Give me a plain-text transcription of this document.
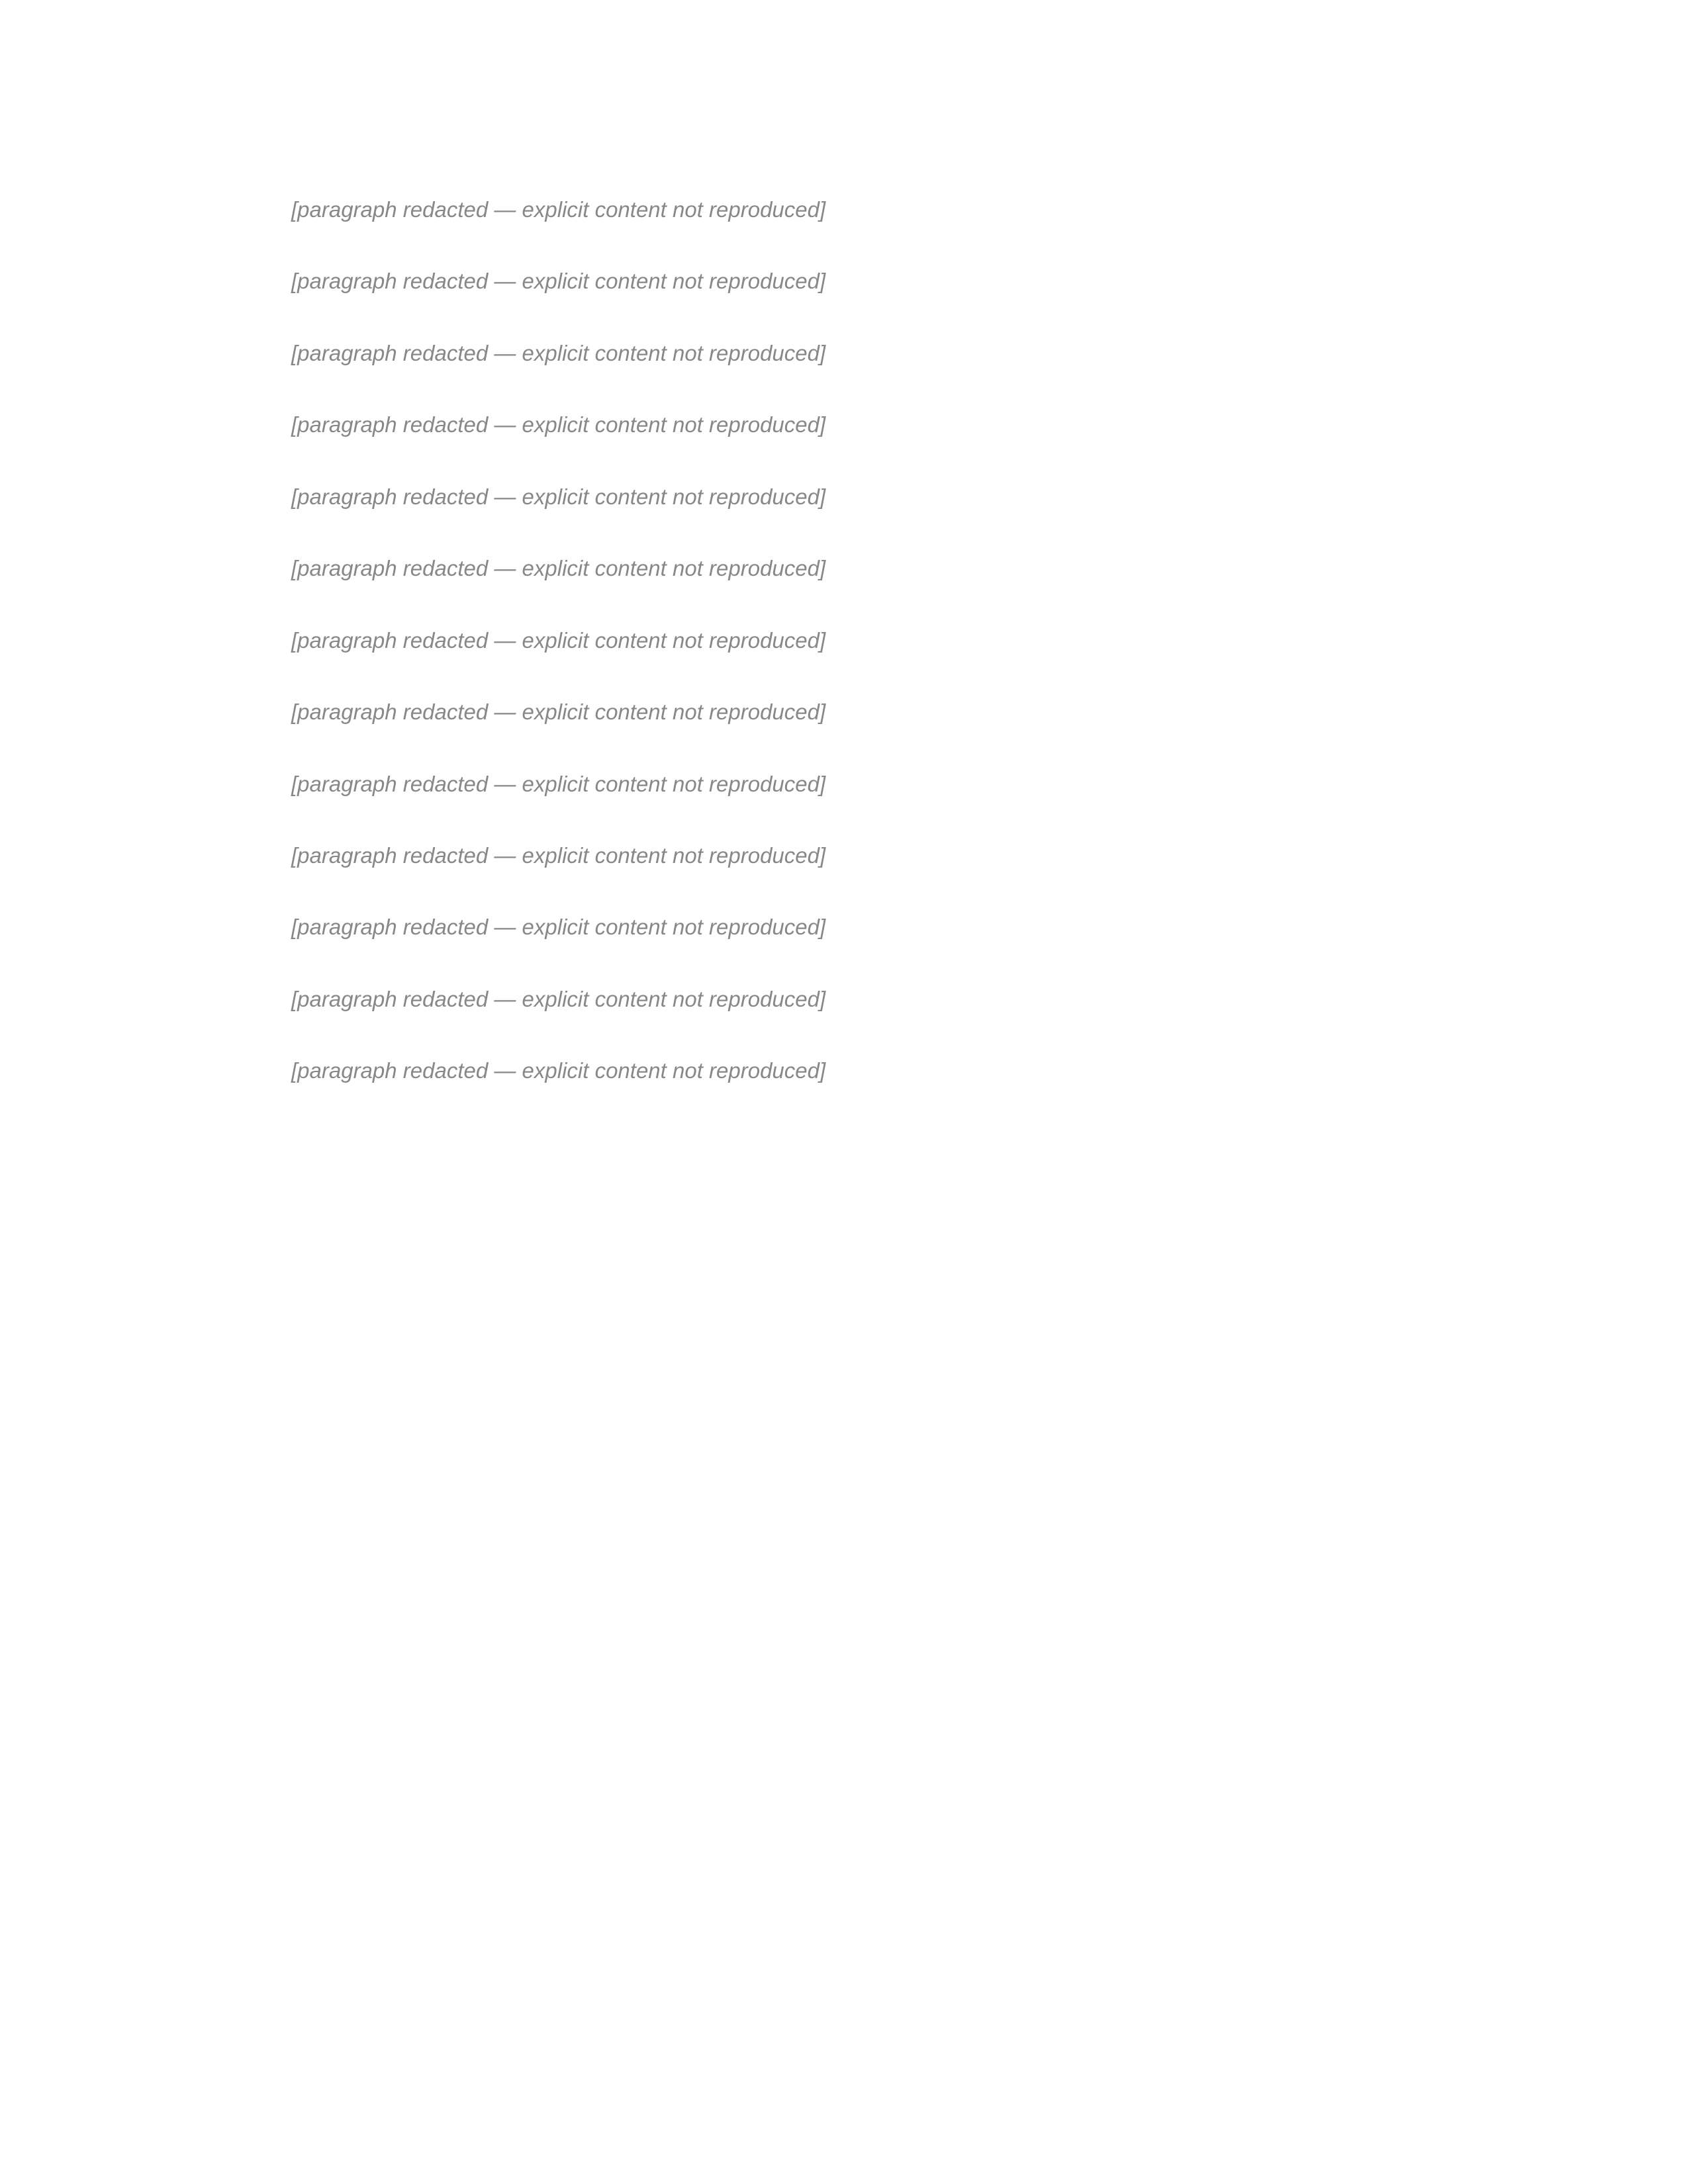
[paragraph redacted — explicit content not reproduced]

[paragraph redacted — explicit content not reproduced]

[paragraph redacted — explicit content not reproduced]

[paragraph redacted — explicit content not reproduced]

[paragraph redacted — explicit content not reproduced]

[paragraph redacted — explicit content not reproduced]

[paragraph redacted — explicit content not reproduced]

[paragraph redacted — explicit content not reproduced]

[paragraph redacted — explicit content not reproduced]

[paragraph redacted — explicit content not reproduced]

[paragraph redacted — explicit content not reproduced]

[paragraph redacted — explicit content not reproduced]

[paragraph redacted — explicit content not reproduced]
